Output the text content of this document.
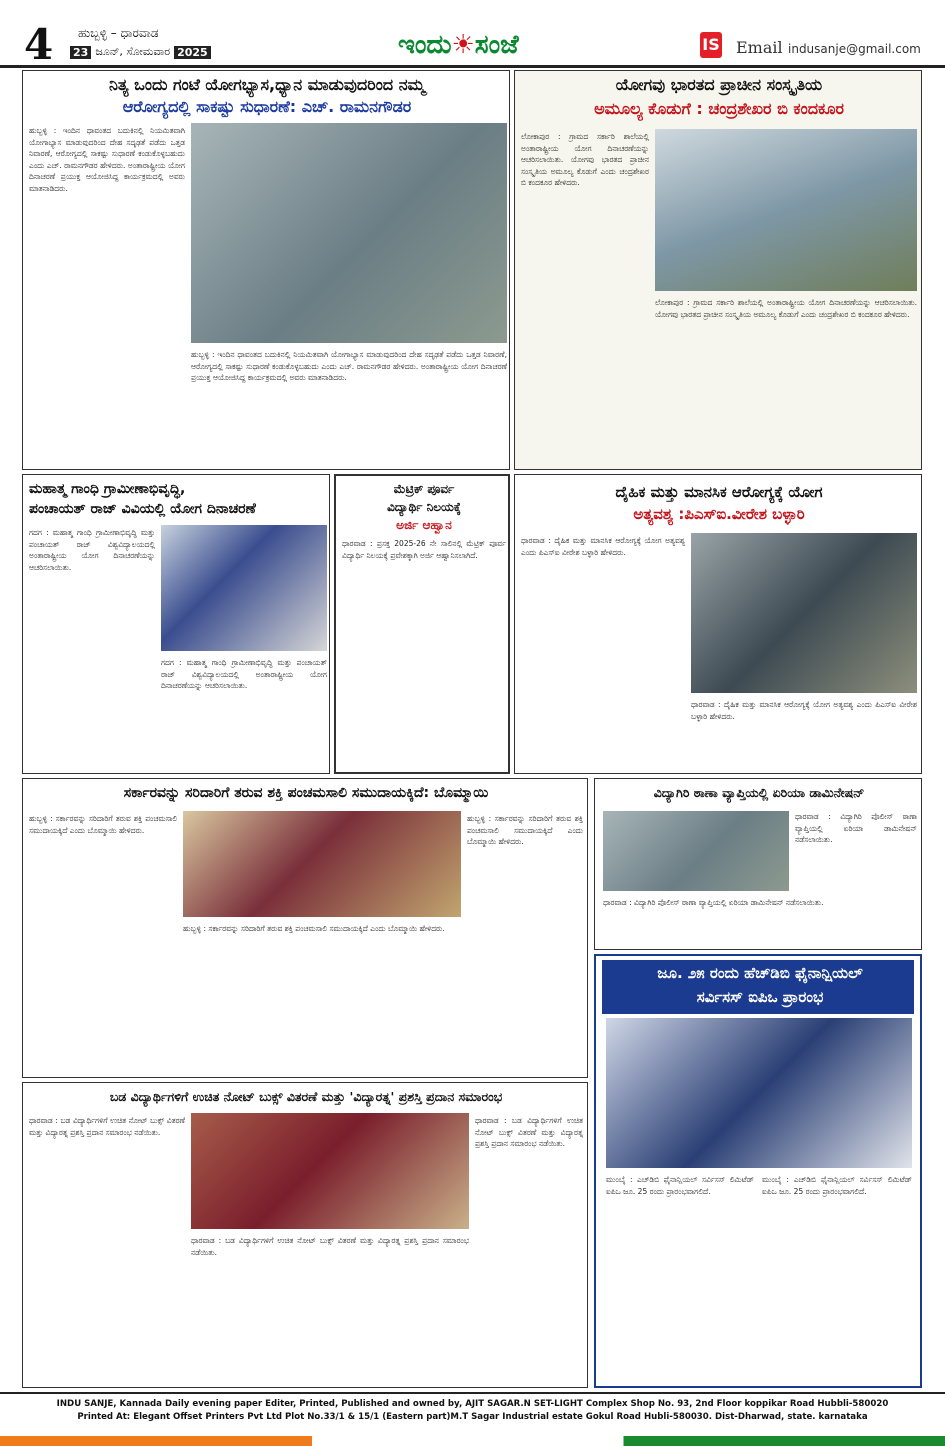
4 ಹುಬ್ಬಳ್ಳಿ – ಧಾರವಾಡ
23 ಜೂನ್, ಸೋಮವಾರ 2025	ಇಂದು☀ಸಂಜೆ	IS Email indusanje@gmail.com
ನಿತ್ಯ ಒಂದು ಗಂಟೆ ಯೋಗಭ್ಯಾಸ,ಧ್ಯಾನ ಮಾಡುವುದರಿಂದ ನಮ್ಮ
ಆರೋಗ್ಯದಲ್ಲಿ ಸಾಕಷ್ಟು ಸುಧಾರಣೆ: ಎಚ್. ರಾಮನಗೌಡರ
ಹುಬ್ಬಳ್ಳಿ : ಇಂದಿನ ಧಾವಂತದ ಬದುಕಿನಲ್ಲಿ ನಿಯಮಿತವಾಗಿ ಯೋಗಾಭ್ಯಾಸ ಮಾಡುವುದರಿಂದ ದೇಹ ಸದೃಢತೆ ಪಡೆದು ಒತ್ತಡ ನಿವಾರಣೆ, ಆರೋಗ್ಯದಲ್ಲಿ ಸಾಕಷ್ಟು ಸುಧಾರಣೆ ಕಂಡುಕೊಳ್ಳಬಹುದು ಎಂದು ಎಚ್. ರಾಮನಗೌಡರ ಹೇಳಿದರು. ಅಂತಾರಾಷ್ಟ್ರೀಯ ಯೋಗ ದಿನಾಚರಣೆ ಪ್ರಯುಕ್ತ ಆಯೋಜಿಸಿದ್ದ ಕಾರ್ಯಕ್ರಮದಲ್ಲಿ ಅವರು ಮಾತನಾಡಿದರು.
ಹುಬ್ಬಳ್ಳಿ : ಇಂದಿನ ಧಾವಂತದ ಬದುಕಿನಲ್ಲಿ ನಿಯಮಿತವಾಗಿ ಯೋಗಾಭ್ಯಾಸ ಮಾಡುವುದರಿಂದ ದೇಹ ಸದೃಢತೆ ಪಡೆದು ಒತ್ತಡ ನಿವಾರಣೆ, ಆರೋಗ್ಯದಲ್ಲಿ ಸಾಕಷ್ಟು ಸುಧಾರಣೆ ಕಂಡುಕೊಳ್ಳಬಹುದು ಎಂದು ಎಚ್. ರಾಮನಗೌಡರ ಹೇಳಿದರು. ಅಂತಾರಾಷ್ಟ್ರೀಯ ಯೋಗ ದಿನಾಚರಣೆ ಪ್ರಯುಕ್ತ ಆಯೋಜಿಸಿದ್ದ ಕಾರ್ಯಕ್ರಮದಲ್ಲಿ ಅವರು ಮಾತನಾಡಿದರು.
ಯೋಗವು ಭಾರತದ ಪ್ರಾಚೀನ ಸಂಸ್ಕೃತಿಯ
ಅಮೂಲ್ಯ ಕೊಡುಗೆ : ಚಂದ್ರಶೇಖರ ಬಿ ಕಂದಕೂರ
ಲೋಕಾಪುರ : ಗ್ರಾಮದ ಸರ್ಕಾರಿ ಶಾಲೆಯಲ್ಲಿ ಅಂತಾರಾಷ್ಟ್ರೀಯ ಯೋಗ ದಿನಾಚರಣೆಯನ್ನು ಆಚರಿಸಲಾಯಿತು. ಯೋಗವು ಭಾರತದ ಪ್ರಾಚೀನ ಸಂಸ್ಕೃತಿಯ ಅಮೂಲ್ಯ ಕೊಡುಗೆ ಎಂದು ಚಂದ್ರಶೇಖರ ಬಿ ಕಂದಕೂರ ಹೇಳಿದರು.
ಲೋಕಾಪುರ : ಗ್ರಾಮದ ಸರ್ಕಾರಿ ಶಾಲೆಯಲ್ಲಿ ಅಂತಾರಾಷ್ಟ್ರೀಯ ಯೋಗ ದಿನಾಚರಣೆಯನ್ನು ಆಚರಿಸಲಾಯಿತು. ಯೋಗವು ಭಾರತದ ಪ್ರಾಚೀನ ಸಂಸ್ಕೃತಿಯ ಅಮೂಲ್ಯ ಕೊಡುಗೆ ಎಂದು ಚಂದ್ರಶೇಖರ ಬಿ ಕಂದಕೂರ ಹೇಳಿದರು.
ಮಹಾತ್ಮ ಗಾಂಧಿ ಗ್ರಾಮೀಣಾಭಿವೃದ್ಧಿ,
ಪಂಚಾಯತ್ ರಾಜ್ ವಿವಿಯಲ್ಲಿ ಯೋಗ ದಿನಾಚರಣೆ
ಗದಗ : ಮಹಾತ್ಮ ಗಾಂಧಿ ಗ್ರಾಮೀಣಾಭಿವೃದ್ಧಿ ಮತ್ತು ಪಂಚಾಯತ್ ರಾಜ್ ವಿಶ್ವವಿದ್ಯಾಲಯದಲ್ಲಿ ಅಂತಾರಾಷ್ಟ್ರೀಯ ಯೋಗ ದಿನಾಚರಣೆಯನ್ನು ಆಚರಿಸಲಾಯಿತು.
ಗದಗ : ಮಹಾತ್ಮ ಗಾಂಧಿ ಗ್ರಾಮೀಣಾಭಿವೃದ್ಧಿ ಮತ್ತು ಪಂಚಾಯತ್ ರಾಜ್ ವಿಶ್ವವಿದ್ಯಾಲಯದಲ್ಲಿ ಅಂತಾರಾಷ್ಟ್ರೀಯ ಯೋಗ ದಿನಾಚರಣೆಯನ್ನು ಆಚರಿಸಲಾಯಿತು.
ಮೆಟ್ರಿಕ್ ಪೂರ್ವ
ವಿದ್ಯಾರ್ಥಿ ನಿಲಯಕ್ಕೆ
ಅರ್ಜಿ ಆಹ್ವಾನ
ಧಾರವಾಡ : ಪ್ರಸಕ್ತ 2025-26 ನೇ ಸಾಲಿನಲ್ಲಿ ಮೆಟ್ರಿಕ್ ಪೂರ್ವ ವಿದ್ಯಾರ್ಥಿ ನಿಲಯಕ್ಕೆ ಪ್ರವೇಶಕ್ಕಾಗಿ ಅರ್ಜಿ ಆಹ್ವಾನಿಸಲಾಗಿದೆ.
ದೈಹಿಕ ಮತ್ತು ಮಾನಸಿಕ ಆರೋಗ್ಯಕ್ಕೆ ಯೋಗ
ಅತ್ಯವಶ್ಯ :ಪಿಎಸ್‌ಐ.ವೀರೇಶ ಬಳ್ಳಾರಿ
ಧಾರವಾಡ : ದೈಹಿಕ ಮತ್ತು ಮಾನಸಿಕ ಆರೋಗ್ಯಕ್ಕೆ ಯೋಗ ಅತ್ಯವಶ್ಯ ಎಂದು ಪಿಎಸ್‌ಐ ವೀರೇಶ ಬಳ್ಳಾರಿ ಹೇಳಿದರು.
ಧಾರವಾಡ : ದೈಹಿಕ ಮತ್ತು ಮಾನಸಿಕ ಆರೋಗ್ಯಕ್ಕೆ ಯೋಗ ಅತ್ಯವಶ್ಯ ಎಂದು ಪಿಎಸ್‌ಐ ವೀರೇಶ ಬಳ್ಳಾರಿ ಹೇಳಿದರು.
ಸರ್ಕಾರವನ್ನು ಸರಿದಾರಿಗೆ ತರುವ ಶಕ್ತಿ ಪಂಚಮಸಾಲಿ ಸಮುದಾಯಕ್ಕಿದೆ: ಬೊಮ್ಮಾಯಿ
ಹುಬ್ಬಳ್ಳಿ : ಸರ್ಕಾರವನ್ನು ಸರಿದಾರಿಗೆ ತರುವ ಶಕ್ತಿ ಪಂಚಮಸಾಲಿ ಸಮುದಾಯಕ್ಕಿದೆ ಎಂದು ಬೊಮ್ಮಾಯಿ ಹೇಳಿದರು.
ಹುಬ್ಬಳ್ಳಿ : ಸರ್ಕಾರವನ್ನು ಸರಿದಾರಿಗೆ ತರುವ ಶಕ್ತಿ ಪಂಚಮಸಾಲಿ ಸಮುದಾಯಕ್ಕಿದೆ ಎಂದು ಬೊಮ್ಮಾಯಿ ಹೇಳಿದರು.
ಹುಬ್ಬಳ್ಳಿ : ಸರ್ಕಾರವನ್ನು ಸರಿದಾರಿಗೆ ತರುವ ಶಕ್ತಿ ಪಂಚಮಸಾಲಿ ಸಮುದಾಯಕ್ಕಿದೆ ಎಂದು ಬೊಮ್ಮಾಯಿ ಹೇಳಿದರು.
ವಿದ್ಯಾಗಿರಿ ಠಾಣಾ ವ್ಯಾಪ್ತಿಯಲ್ಲಿ ಏರಿಯಾ ಡಾಮಿನೇಷನ್
ಧಾರವಾಡ : ವಿದ್ಯಾಗಿರಿ ಪೊಲೀಸ್ ಠಾಣಾ ವ್ಯಾಪ್ತಿಯಲ್ಲಿ ಏರಿಯಾ ಡಾಮಿನೇಷನ್ ನಡೆಸಲಾಯಿತು.
ಧಾರವಾಡ : ವಿದ್ಯಾಗಿರಿ ಪೊಲೀಸ್ ಠಾಣಾ ವ್ಯಾಪ್ತಿಯಲ್ಲಿ ಏರಿಯಾ ಡಾಮಿನೇಷನ್ ನಡೆಸಲಾಯಿತು.
ಜೂ. ೨೫ ರಂದು ಹೆಚ್‌ಡಿಬಿ ಫೈನಾನ್ಷಿಯಲ್
ಸರ್ವಿಸಸ್ ಐಪಿಒ ಪ್ರಾರಂಭ
ಮುಂಬೈ : ಎಚ್‌ಡಿಬಿ ಫೈನಾನ್ಷಿಯಲ್ ಸರ್ವಿಸಸ್ ಲಿಮಿಟೆಡ್ ಐಪಿಒ ಜೂ. 25 ರಂದು ಪ್ರಾರಂಭವಾಗಲಿದೆ.
ಮುಂಬೈ : ಎಚ್‌ಡಿಬಿ ಫೈನಾನ್ಷಿಯಲ್ ಸರ್ವಿಸಸ್ ಲಿಮಿಟೆಡ್ ಐಪಿಒ ಜೂ. 25 ರಂದು ಪ್ರಾರಂಭವಾಗಲಿದೆ.
ಬಡ ವಿದ್ಯಾರ್ಥಿಗಳಿಗೆ ಉಚಿತ ನೋಟ್ ಬುಕ್ಸ್ ವಿತರಣೆ ಮತ್ತು 'ವಿದ್ಯಾರತ್ನ' ಪ್ರಶಸ್ತಿ ಪ್ರದಾನ ಸಮಾರಂಭ
ಧಾರವಾಡ : ಬಡ ವಿದ್ಯಾರ್ಥಿಗಳಿಗೆ ಉಚಿತ ನೋಟ್ ಬುಕ್ಸ್ ವಿತರಣೆ ಮತ್ತು ವಿದ್ಯಾರತ್ನ ಪ್ರಶಸ್ತಿ ಪ್ರದಾನ ಸಮಾರಂಭ ನಡೆಯಿತು.
ಧಾರವಾಡ : ಬಡ ವಿದ್ಯಾರ್ಥಿಗಳಿಗೆ ಉಚಿತ ನೋಟ್ ಬುಕ್ಸ್ ವಿತರಣೆ ಮತ್ತು ವಿದ್ಯಾರತ್ನ ಪ್ರಶಸ್ತಿ ಪ್ರದಾನ ಸಮಾರಂಭ ನಡೆಯಿತು.
ಧಾರವಾಡ : ಬಡ ವಿದ್ಯಾರ್ಥಿಗಳಿಗೆ ಉಚಿತ ನೋಟ್ ಬುಕ್ಸ್ ವಿತರಣೆ ಮತ್ತು ವಿದ್ಯಾರತ್ನ ಪ್ರಶಸ್ತಿ ಪ್ರದಾನ ಸಮಾರಂಭ ನಡೆಯಿತು.
INDU SANJE, Kannada Daily evening paper Editer, Printed, Published and owned by, AJIT SAGAR.N SET-LIGHT Complex Shop No. 93, 2nd Floor koppikar Road Hubbli-580020
Printed At: Elegant Offset Printers Pvt Ltd Plot No.33/1 & 15/1 (Eastern part)M.T Sagar Industrial estate Gokul Road Hubli-580030. Dist-Dharwad, state. karnataka
